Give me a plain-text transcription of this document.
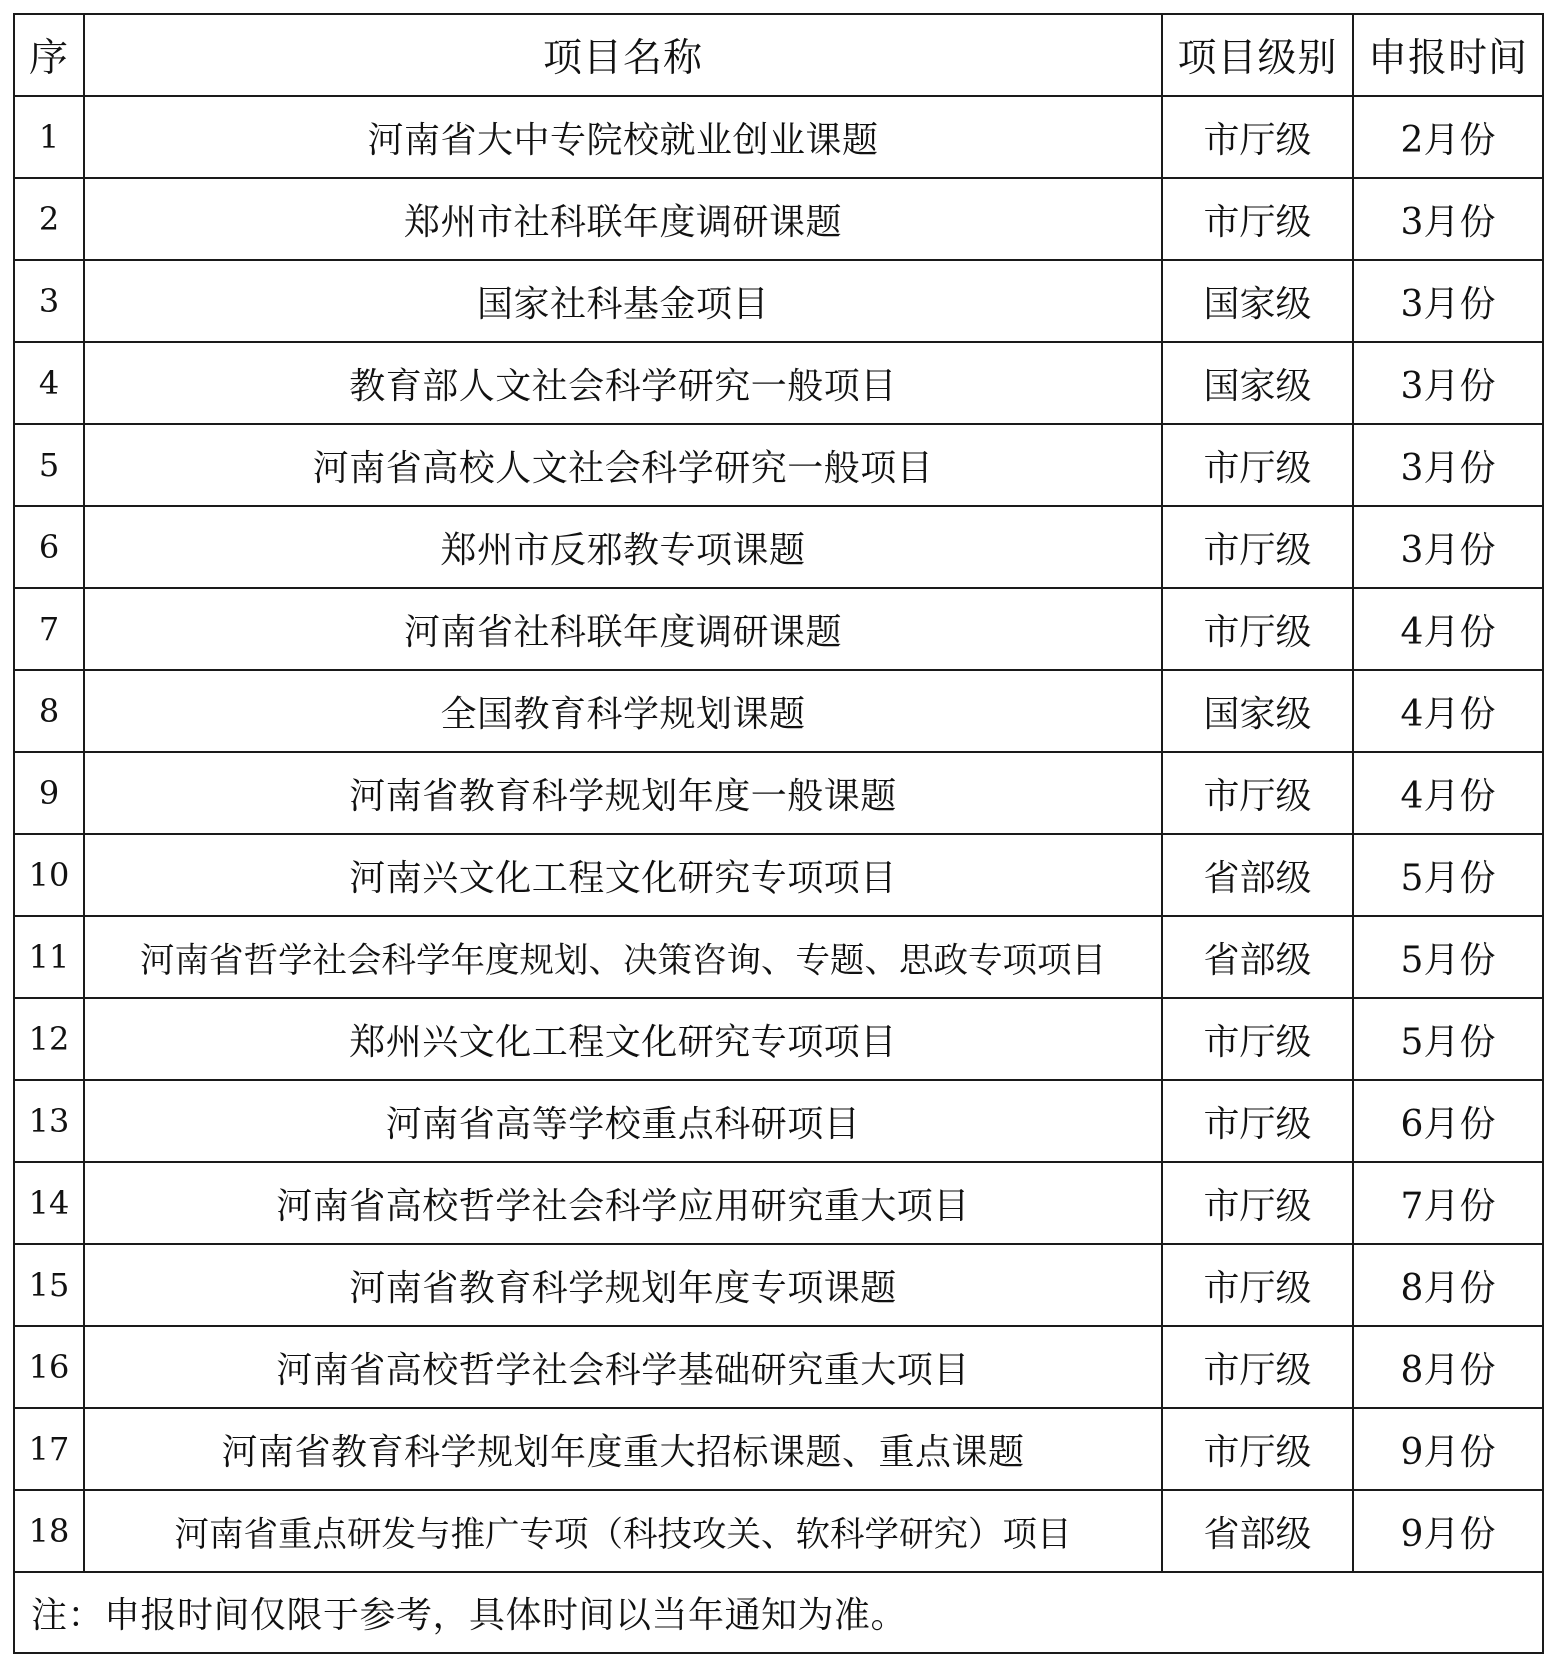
序	项目名称	项目级别	申报时间
1	河南省大中专院校就业创业课题	市厅级	2月份
2	郑州市社科联年度调研课题	市厅级	3月份
3	国家社科基金项目	国家级	3月份
4	教育部人文社会科学研究一般项目	国家级	3月份
5	河南省高校人文社会科学研究一般项目	市厅级	3月份
6	郑州市反邪教专项课题	市厅级	3月份
7	河南省社科联年度调研课题	市厅级	4月份
8	全国教育科学规划课题	国家级	4月份
9	河南省教育科学规划年度一般课题	市厅级	4月份
10	河南兴文化工程文化研究专项项目	省部级	5月份
11	河南省哲学社会科学年度规划、决策咨询、专题、思政专项项目	省部级	5月份
12	郑州兴文化工程文化研究专项项目	市厅级	5月份
13	河南省高等学校重点科研项目	市厅级	6月份
14	河南省高校哲学社会科学应用研究重大项目	市厅级	7月份
15	河南省教育科学规划年度专项课题	市厅级	8月份
16	河南省高校哲学社会科学基础研究重大项目	市厅级	8月份
17	河南省教育科学规划年度重大招标课题、重点课题	市厅级	9月份
18	河南省重点研发与推广专项（科技攻关、软科学研究）项目	省部级	9月份
注：申报时间仅限于参考，具体时间以当年通知为准。			
